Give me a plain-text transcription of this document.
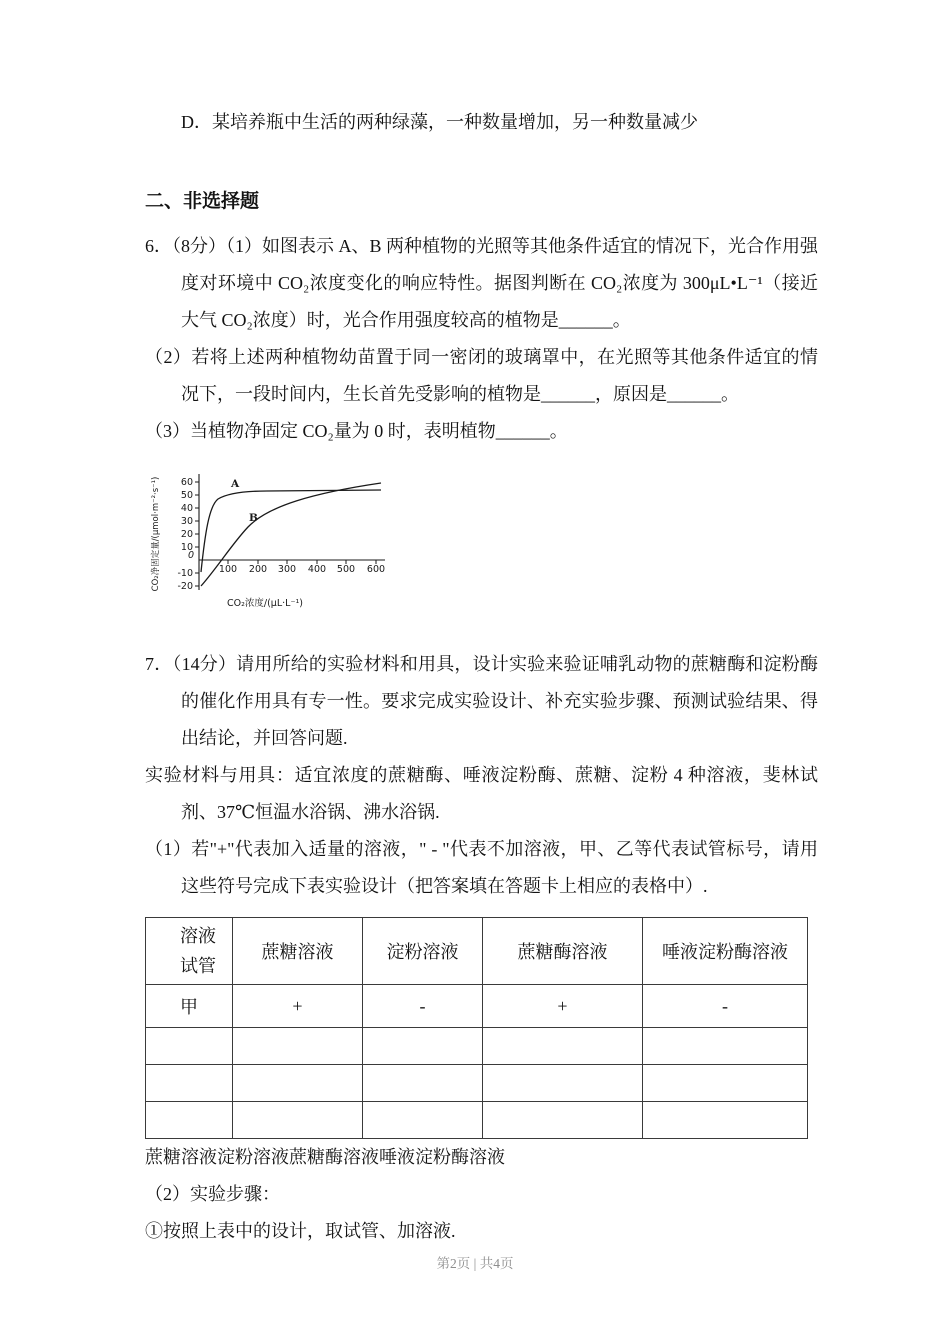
D．某培养瓶中生活的两种绿藻，一种数量增加，另一种数量减少
二、非选择题
6．（8分）（1）如图表示 A、B 两种植物的光照等其他条件适宜的情况下，光合作用强度对环境中 CO₂浓度变化的响应特性。据图判断在 CO₂浓度为 300μL•L⁻¹（接近大气 CO₂浓度）时，光合作用强度较高的植物是______。
（2）若将上述两种植物幼苗置于同一密闭的玻璃罩中，在光照等其他条件适宜的情况下，一段时间内，生长首先受影响的植物是______，原因是______。
（3）当植物净固定 CO₂量为 0 时，表明植物______。
60
50
40
30
20
10
0
-10
-20
100 200 300 400 500 600
CO₂净固定量/(μmol·m⁻²·s⁻¹)
CO₂浓度/(μL·L⁻¹)
A
B
7．（14分）请用所给的实验材料和用具，设计实验来验证哺乳动物的蔗糖酶和淀粉酶的催化作用具有专一性。要求完成实验设计、补充实验步骤、预测试验结果、得出结论，并回答问题.
实验材料与用具：适宜浓度的蔗糖酶、唾液淀粉酶、蔗糖、淀粉 4 种溶液，斐林试剂、37℃恒温水浴锅、沸水浴锅.
（1）若"+"代表加入适量的溶液，" - "代表不加溶液，甲、乙等代表试管标号，请用这些符号完成下表实验设计（把答案填在答题卡上相应的表格中）.
溶液
试管	蔗糖溶液	淀粉溶液	蔗糖酶溶液	唾液淀粉酶溶液
甲	+	-	+	-

蔗糖溶液淀粉溶液蔗糖酶溶液唾液淀粉酶溶液
（2）实验步骤：
①按照上表中的设计，取试管、加溶液.
第2页 | 共4页
